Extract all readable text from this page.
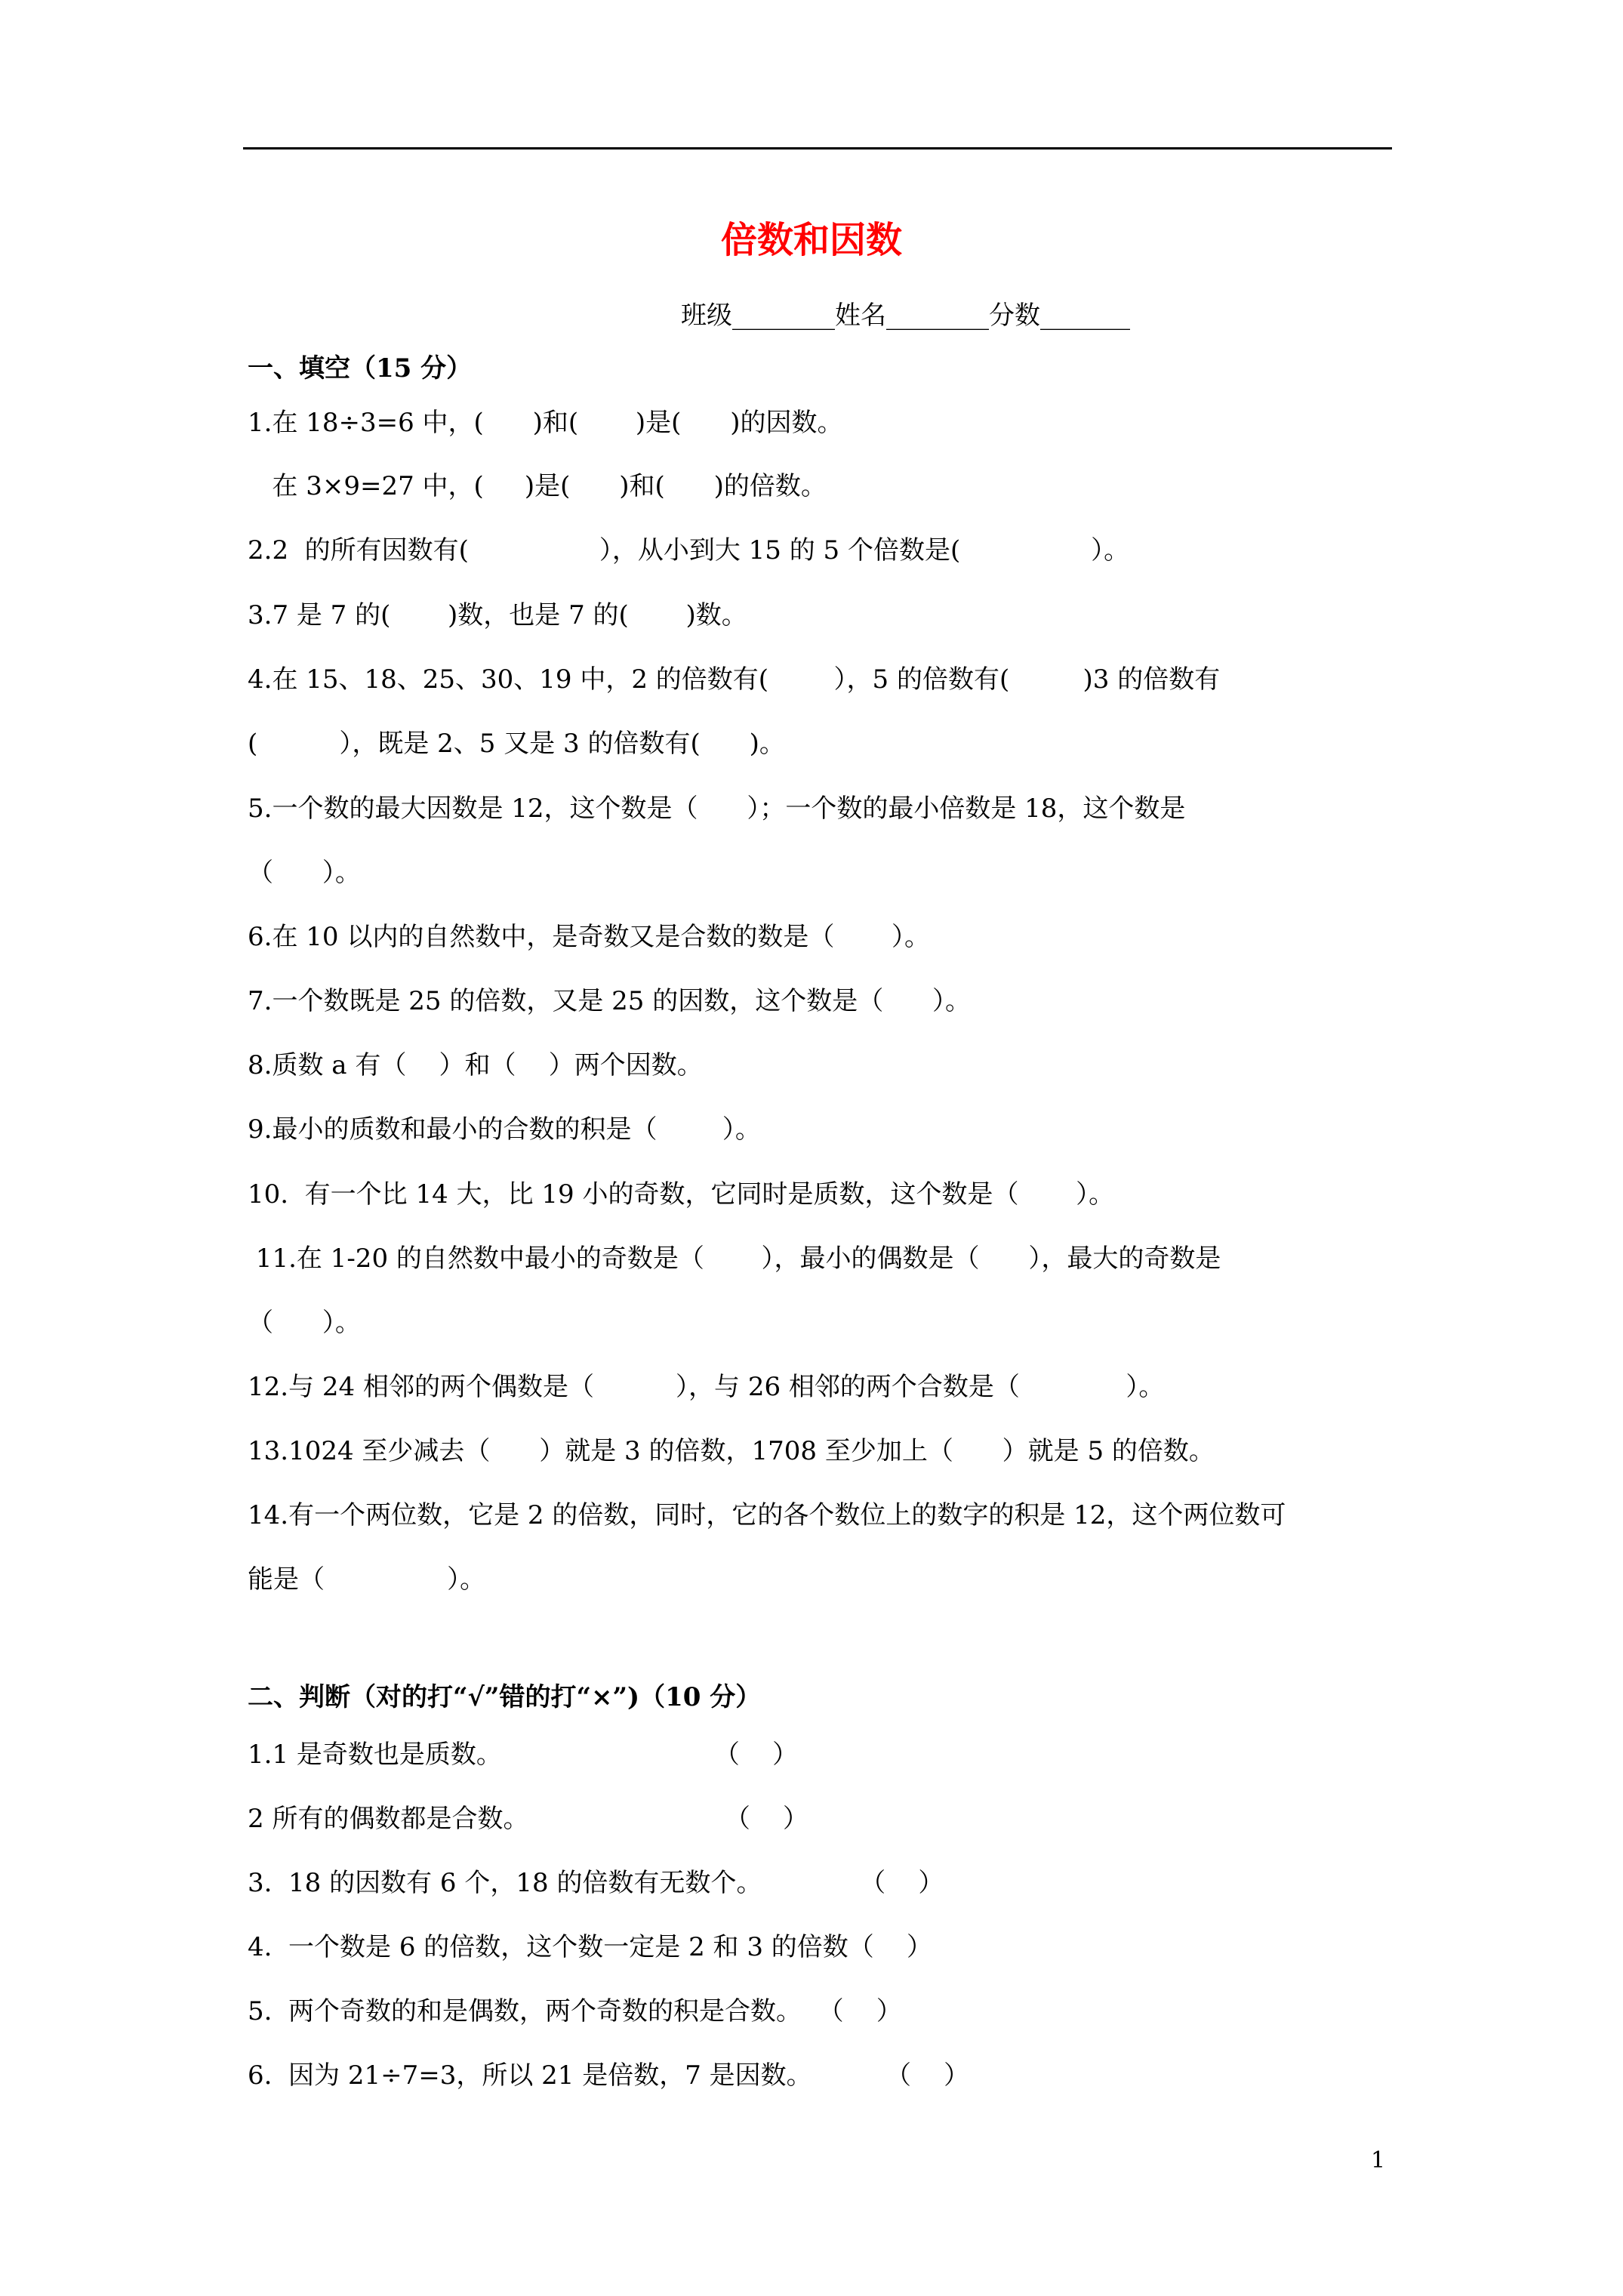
倍数和因数
班级________姓名________分数_______
一、填空（15 分）
1.在 18÷3=6 中，(      )和(       )是(      )的因数。
在 3×9=27 中，(     )是(      )和(      )的倍数。
2.2  的所有因数有(                ），从小到大 15 的 5 个倍数是(                ）。
3.7 是 7 的(       )数，也是 7 的(       )数。
4.在 15、18、25、30、19 中，2 的倍数有(        ），5 的倍数有(         )3 的倍数有
(          ），既是 2、5 又是 3 的倍数有(      )。
5.一个数的最大因数是 12，这个数是（      ）；一个数的最小倍数是 18，这个数是
（      ）。
6.在 10 以内的自然数中，是奇数又是合数的数是（       ）。
7.一个数既是 25 的倍数，又是 25 的因数，这个数是（      ）。
8.质数 a 有（    ）和（    ）两个因数。
9.最小的质数和最小的合数的积是（        ）。
10.  有一个比 14 大，比 19 小的奇数，它同时是质数，这个数是（       ）。
11.在 1-20 的自然数中最小的奇数是（       ），最小的偶数是（      ），最大的奇数是
（      ）。
12.与 24 相邻的两个偶数是（          ），与 26 相邻的两个合数是（             ）。
13.1024 至少减去（      ）就是 3 的倍数，1708 至少加上（      ）就是 5 的倍数。
14.有一个两位数，它是 2 的倍数，同时，它的各个数位上的数字的积是 12，这个两位数可
能是（               ）。
二、判断（对的打“√”错的打“×”)（10 分）
1.1 是奇数也是质数。                          （    ）
2 所有的偶数都是合数。                        （    ）
3.  18 的因数有 6 个，18 的倍数有无数个。            （    ）
4.  一个数是 6 的倍数，这个数一定是 2 和 3 的倍数（    ）
5.  两个奇数的和是偶数，两个奇数的积是合数。  （    ）
6.  因为 21÷7=3，所以 21 是倍数，7 是因数。         （    ）
1
